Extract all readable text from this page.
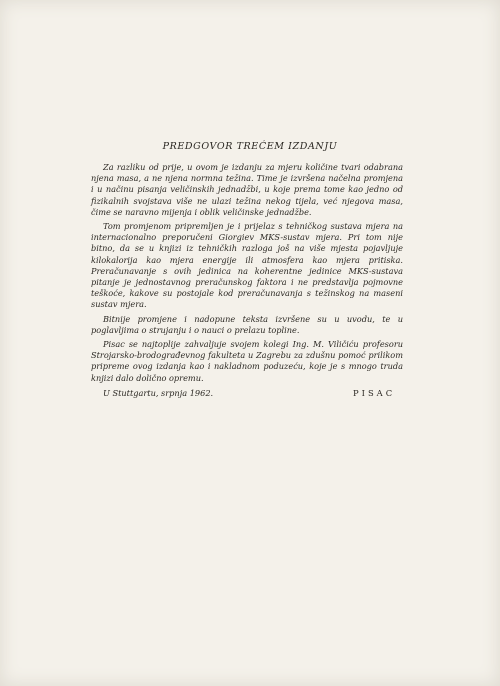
PREDGOVOR TREĆEM IZDANJU

Za razliku od prije, u ovom je izdanju za mjeru količine tvari odabrana njena masa, a ne njena normna težina. Time je izvršena načelna promjena i u načinu pisanja veličinskih jednadžbi, u koje prema tome kao jedno od fizikalnih svojstava više ne ulazi težina nekog tijela, već njegova masa, čime se naravno mijenja i oblik veličinske jednadžbe.

Tom promjenom pripremljen je i prijelaz s tehničkog sustava mjera na internacionalno preporučeni Giorgiev MKS-sustav mjera. Pri tom nije bitno, da se u knjizi iz tehničkih razloga još na više mjesta pojavljuje kilokalorija kao mjera energije ili atmosfera kao mjera pritiska. Preračunavanje s ovih jedinica na koherentne jedinice MKS-sustava pitanje je jednostavnog preračunskog faktora i ne predstavlja pojmovne teškoće, kakove su postojale kod preračunavanja s težinskog na maseni sustav mjera.

Bitnije promjene i nadopune teksta izvršene su u uvodu, te u poglavljima o strujanju i o nauci o prelazu topline.

Pisac se najtoplije zahvaljuje svojem kolegi Ing. M. Viličiću profesoru Strojarsko-brodograđevnog fakulteta u Zagrebu za zdušnu pomoć prilikom pripreme ovog izdanja kao i nakladnom poduzeću, koje je s mnogo truda knjizi dalo dolično opremu.

U Stuttgartu, srpnja 1962.	PISAC
